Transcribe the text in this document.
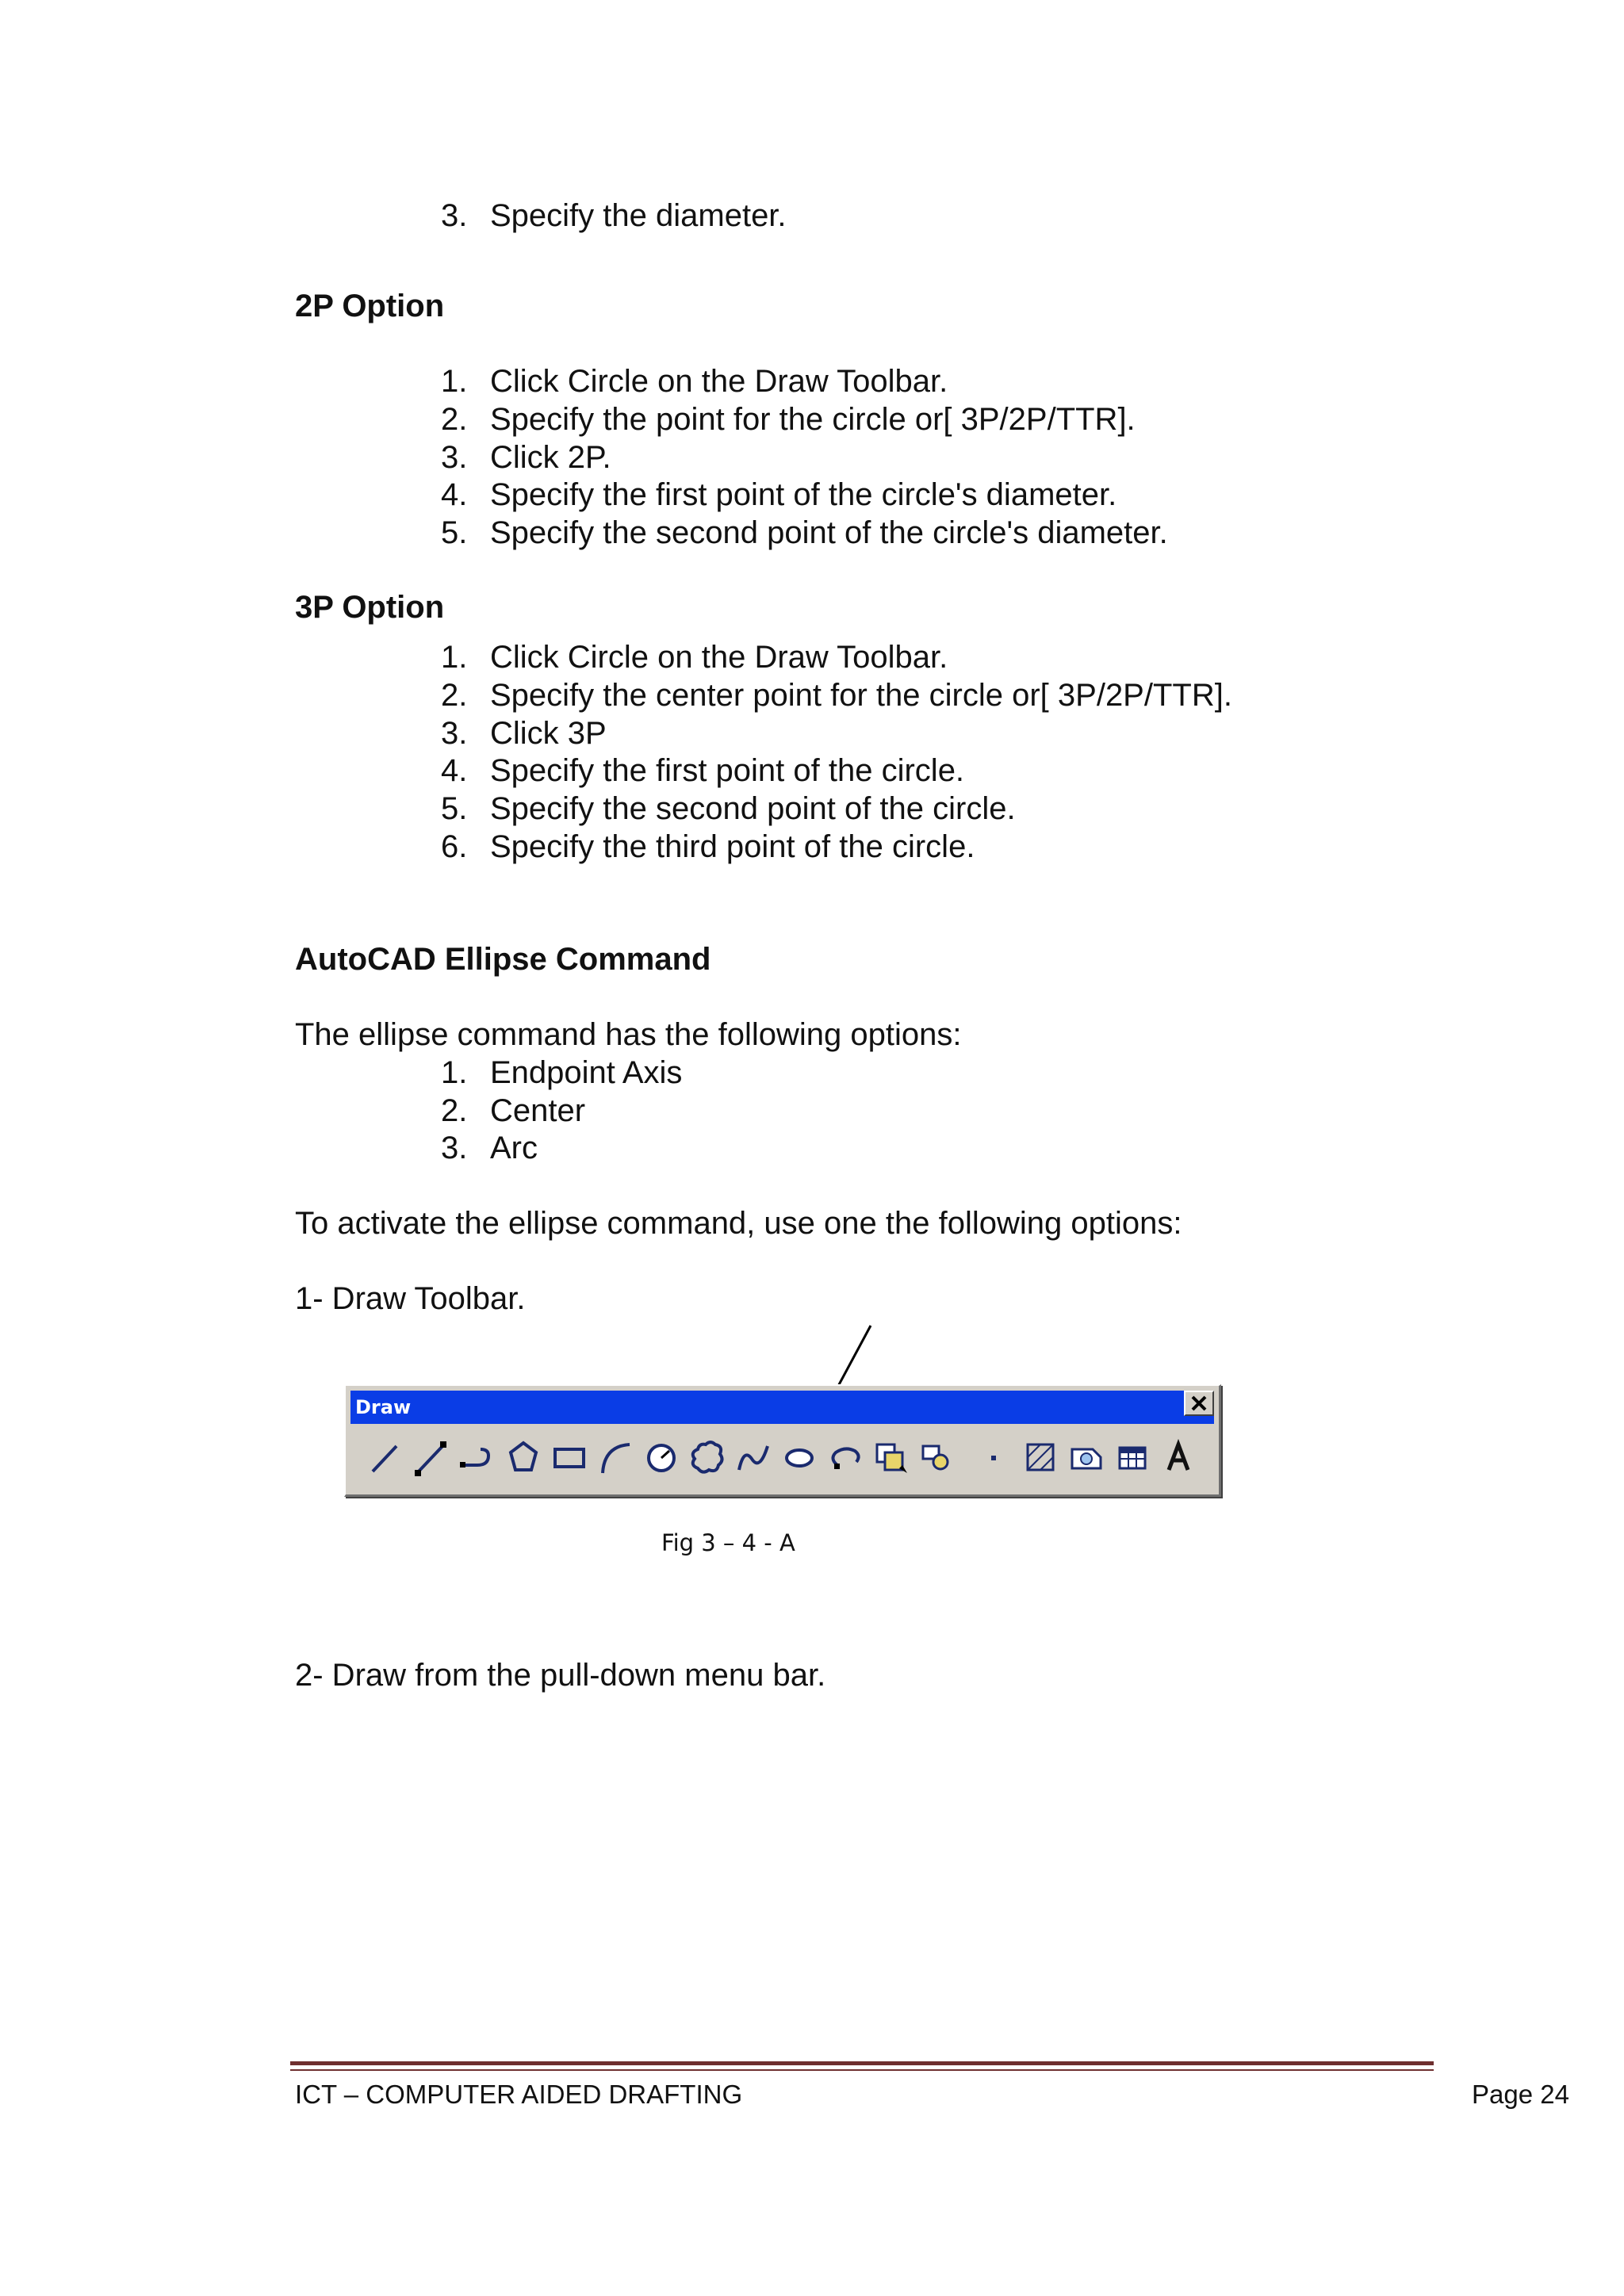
3. Specify the diameter.
2P Option
1. Click Circle on the Draw Toolbar.
2. Specify the point for the circle or[ 3P/2P/TTR].
3. Click 2P.
4. Specify the first point of the circle's diameter.
5. Specify the second point of the circle's diameter.
3P Option
1. Click Circle on the Draw Toolbar.
2. Specify the center point for the circle or[ 3P/2P/TTR].
3. Click 3P
4. Specify the first point of the circle.
5. Specify the second point of the circle.
6. Specify the third point of the circle.
AutoCAD Ellipse Command
The ellipse command has the following options:
1. Endpoint Axis
2. Center
3. Arc
To activate the ellipse command, use one the following options:
1- Draw Toolbar.
Draw
Fig 3 – 4 - A
2- Draw from the pull-down menu bar.
ICT – COMPUTER AIDED DRAFTING	Page 24
